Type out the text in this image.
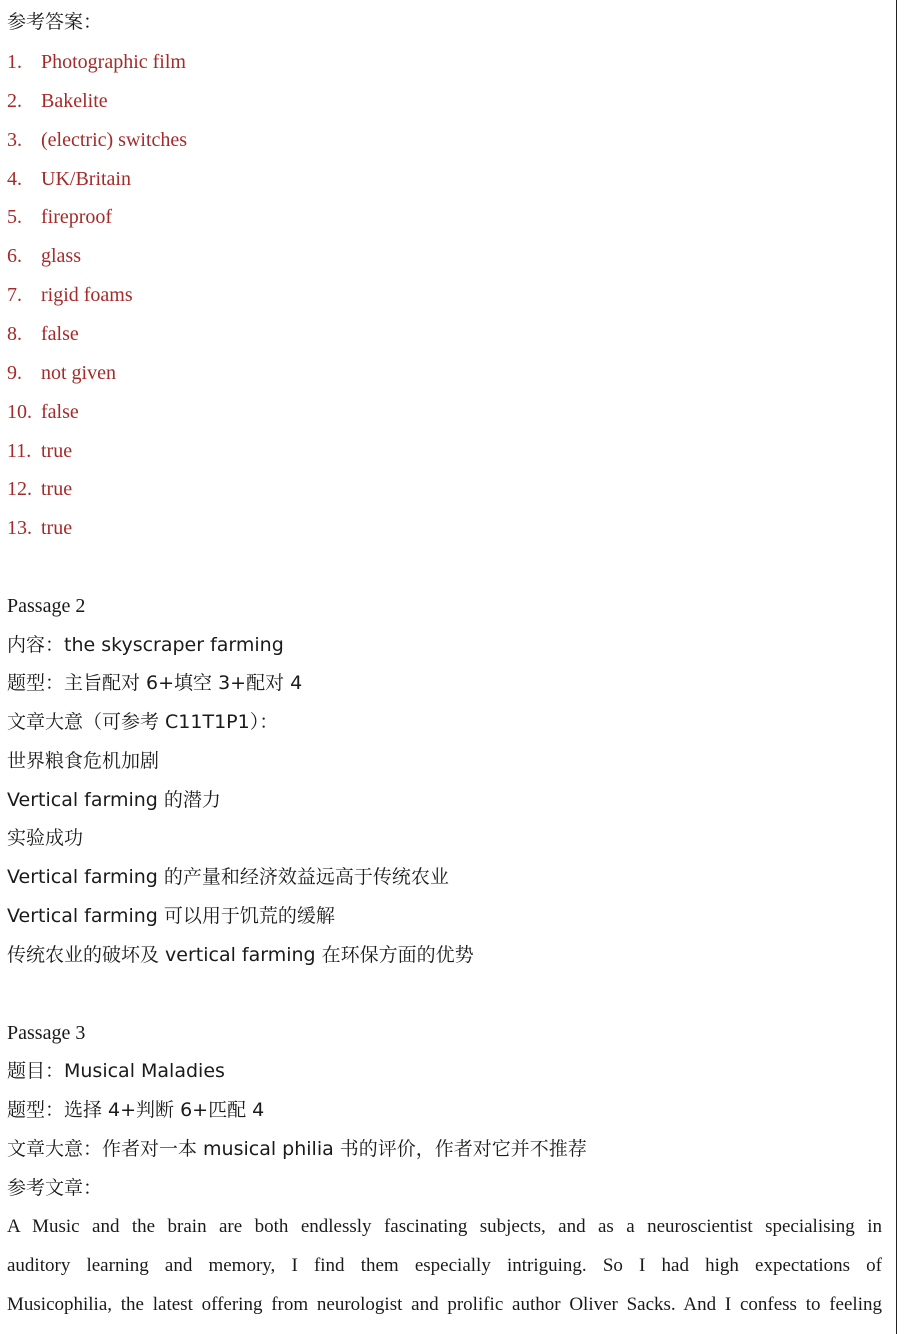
参考答案：
1. Photographic film
2. Bakelite
3. (electric) switches
4. UK/Britain
5. fireproof
6. glass
7. rigid foams
8. false
9. not given
10. false
11. true
12. true
13. true
Passage 2
内容：the skyscraper farming
题型：主旨配对 6+填空 3+配对 4
文章大意（可参考 C11T1P1）：
世界粮食危机加剧
Vertical farming 的潜力
实验成功
Vertical farming 的产量和经济效益远高于传统农业
Vertical farming 可以用于饥荒的缓解
传统农业的破坏及 vertical farming 在环保方面的优势
Passage 3
题目：Musical Maladies
题型：选择 4+判断 6+匹配 4
文章大意：作者对一本 musical philia 书的评价，作者对它并不推荐
参考文章：
A Music and the brain are both endlessly fascinating subjects, and as a neuroscientist specialising in
auditory learning and memory, I find them especially intriguing. So I had high expectations of
Musicophilia, the latest offering from neurologist and prolific author Oliver Sacks. And I confess to feeling
